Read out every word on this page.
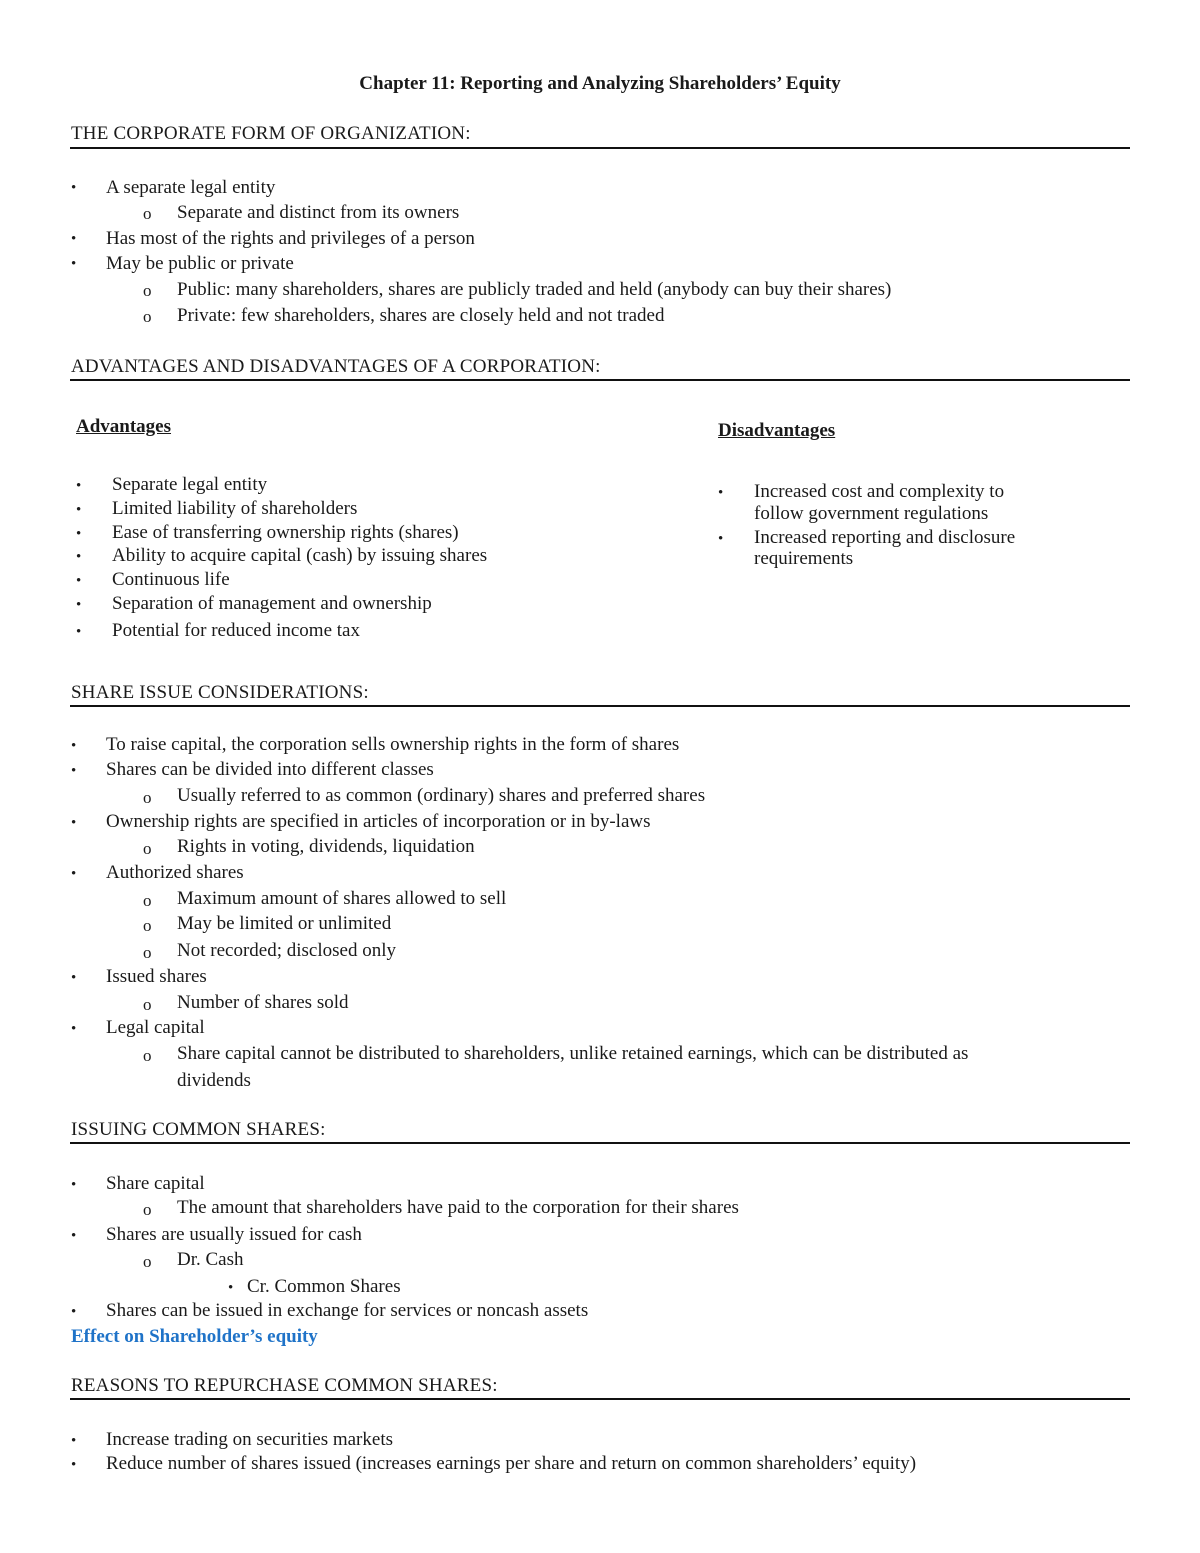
Chapter 11: Reporting and Analyzing Shareholders’ Equity
THE CORPORATE FORM OF ORGANIZATION:
• A separate legal entity
o Separate and distinct from its owners
• Has most of the rights and privileges of a person
• May be public or private
o Public: many shareholders, shares are publicly traded and held (anybody can buy their shares)
o Private: few shareholders, shares are closely held and not traded
ADVANTAGES AND DISADVANTAGES OF A CORPORATION:
Advantages	Disadvantages
• Separate legal entity
• Limited liability of shareholders
• Ease of transferring ownership rights (shares)
• Ability to acquire capital (cash) by issuing shares
• Continuous life
• Separation of management and ownership
• Potential for reduced income tax
• Increased cost and complexity to
follow government regulations
• Increased reporting and disclosure
requirements
SHARE ISSUE CONSIDERATIONS:
• To raise capital, the corporation sells ownership rights in the form of shares
• Shares can be divided into different classes
o Usually referred to as common (ordinary) shares and preferred shares
• Ownership rights are specified in articles of incorporation or in by-laws
o Rights in voting, dividends, liquidation
• Authorized shares
o Maximum amount of shares allowed to sell
o May be limited or unlimited
o Not recorded; disclosed only
• Issued shares
o Number of shares sold
• Legal capital
o Share capital cannot be distributed to shareholders, unlike retained earnings, which can be distributed as
dividends
ISSUING COMMON SHARES:
• Share capital
o The amount that shareholders have paid to the corporation for their shares
• Shares are usually issued for cash
o Dr. Cash
• Cr. Common Shares
• Shares can be issued in exchange for services or noncash assets
Effect on Shareholder’s equity
REASONS TO REPURCHASE COMMON SHARES:
• Increase trading on securities markets
• Reduce number of shares issued (increases earnings per share and return on common shareholders’ equity)
